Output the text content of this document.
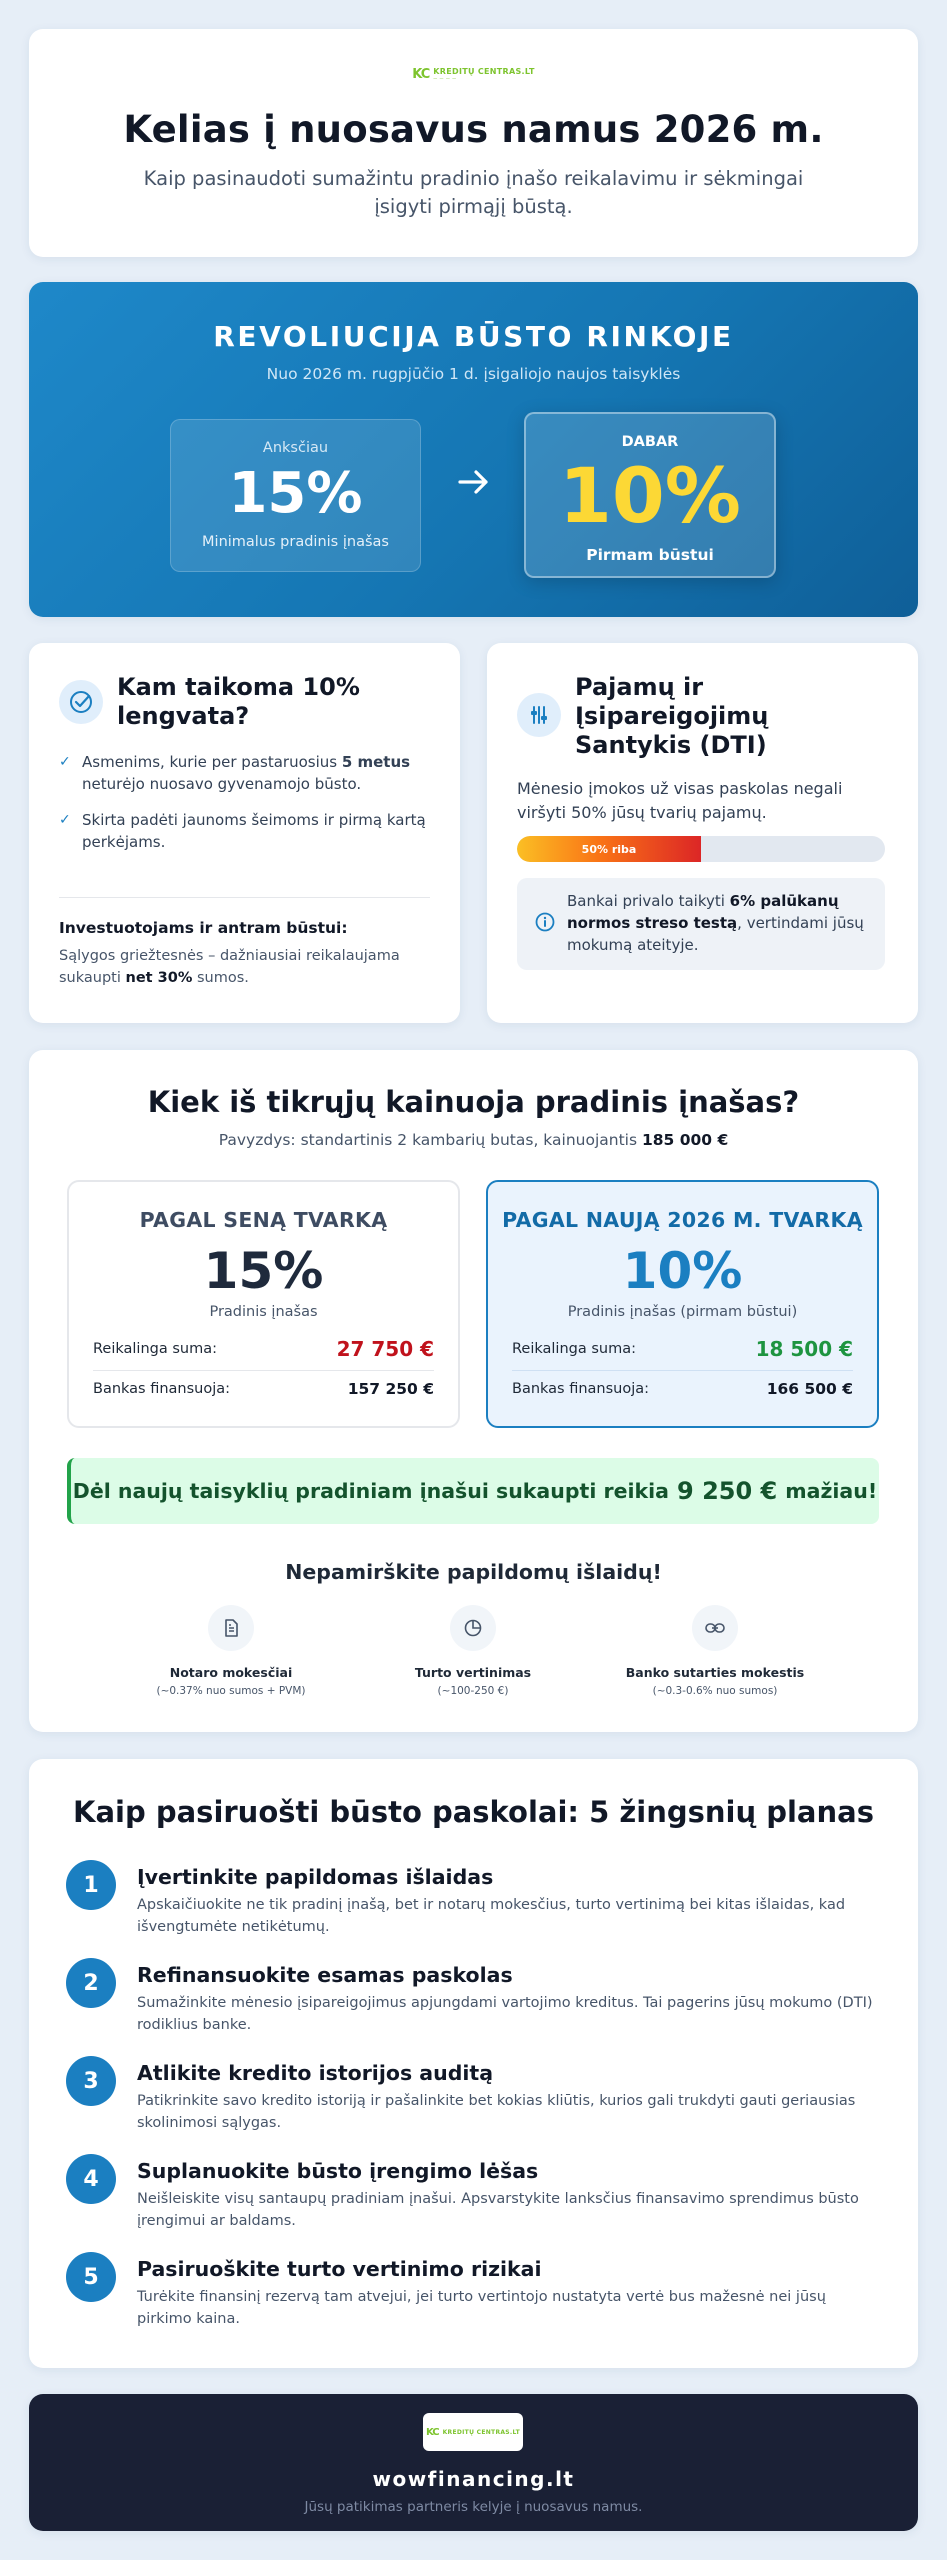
KC KREDITŲ CENTRAS.LT
— — — —
Kelias į nuosavus namus 2026 m.

Kaip pasinaudoti sumažintu pradinio įnašo reikalavimu ir sėkmingai įsigyti pirmąjį būstą.

REVOLIUCIJA BŪSTO RINKOJE
Nuo 2026 m. rugpjūčio 1 d. įsigaliojo naujos taisyklės
Anksčiau
15%
Minimalus pradinis įnašas
DABAR
10%
Pirmam būstui
Kam taikoma 10% lengvata?
✓ Asmenims, kurie per pastaruosius 5 metus neturėjo nuosavo gyvenamojo būsto.
✓ Skirta padėti jaunoms šeimoms ir pirmą kartą perkėjams.
Investuotojams ir antram būstui:
Sąlygos griežtesnės – dažniausiai reikalaujama sukaupti net 30% sumos.
Pajamų ir Įsipareigojimų Santykis (DTI)
Mėnesio įmokos už visas paskolas negali viršyti 50% jūsų tvarių pajamų.
50% riba

Bankai privalo taikyti 6% palūkanų normos streso testą, vertindami jūsų mokumą ateityje.

Kiek iš tikrųjų kainuoja pradinis įnašas?
Pavyzdys: standartinis 2 kambarių butas, kainuojantis 185 000 €
PAGAL SENĄ TVARKĄ
15%
Pradinis įnašas
Reikalinga suma:	27 750 €
Bankas finansuoja:	157 250 €
PAGAL NAUJĄ 2026 M. TVARKĄ
10%
Pradinis įnašas (pirmam būstui)
Reikalinga suma:	18 500 €
Bankas finansuoja:	166 500 €
Dėl naujų taisyklių pradiniam įnašui sukaupti reikia 9 250 € mažiau!
Nepamirškite papildomų išlaidų!
Notaro mokesčiai
(~0.37% nuo sumos + PVM)
Turto vertinimas
(~100-250 €)
Banko sutarties mokestis
(~0.3-0.6% nuo sumos)
Kaip pasiruošti būsto paskolai: 5 žingsnių planas
1	Įvertinkite papildomas išlaidas
Apskaičiuokite ne tik pradinį įnašą, bet ir notarų mokesčius, turto vertinimą bei kitas išlaidas, kad išvengtumėte netikėtumų.
2	Refinansuokite esamas paskolas
Sumažinkite mėnesio įsipareigojimus apjungdami vartojimo kreditus. Tai pagerins jūsų mokumo (DTI) rodiklius banke.
3	Atlikite kredito istorijos auditą
Patikrinkite savo kredito istoriją ir pašalinkite bet kokias kliūtis, kurios gali trukdyti gauti geriausias skolinimosi sąlygas.
4	Suplanuokite būsto įrengimo lėšas
Neišleiskite visų santaupų pradiniam įnašui. Apsvarstykite lanksčius finansavimo sprendimus būsto įrengimui ar baldams.
5	Pasiruoškite turto vertinimo rizikai
Turėkite finansinį rezervą tam atvejui, jei turto vertintojo nustatyta vertė bus mažesnė nei jūsų pirkimo kaina.
KC KREDITŲ CENTRAS.LT
wowfinancing.lt
Jūsų patikimas partneris kelyje į nuosavus namus.
